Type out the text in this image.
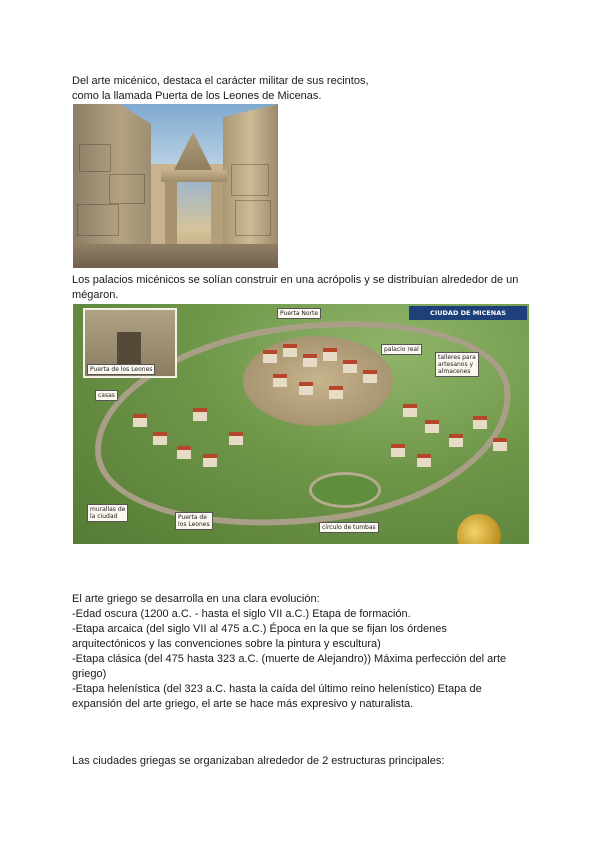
Del arte micénico, destaca el carácter militar de sus recintos,

como la llamada Puerta de los Leones de Micenas.

Los palacios micénicos se solían construir en una acrópolis y se distribuían alrededor de un

mégaron.

CIUDAD DE MICENAS
Puerta Norte
Puerta de los Leones
casas
palacio real
talleres para
artesanos y
almacenes
murallas de
la ciudad	Puerta de
los Leones	círculo de tumbas

El arte griego se desarrolla en una clara evolución:

-Edad oscura (1200 a.C. - hasta el siglo VII a.C.) Etapa de formación.

-Etapa arcaica (del siglo VII al 475 a.C.) Época en la que se fijan los órdenes

arquitectónicos y las convenciones sobre la pintura y escultura)

-Etapa clásica (del 475 hasta 323 a.C. (muerte de Alejandro)) Máxima perfección del arte

griego)

-Etapa helenística (del 323 a.C. hasta la caída del último reino helenístico) Etapa de

expansión del arte griego, el arte se hace más expresivo y naturalista.

Las ciudades griegas se organizaban alrededor de 2 estructuras principales:
